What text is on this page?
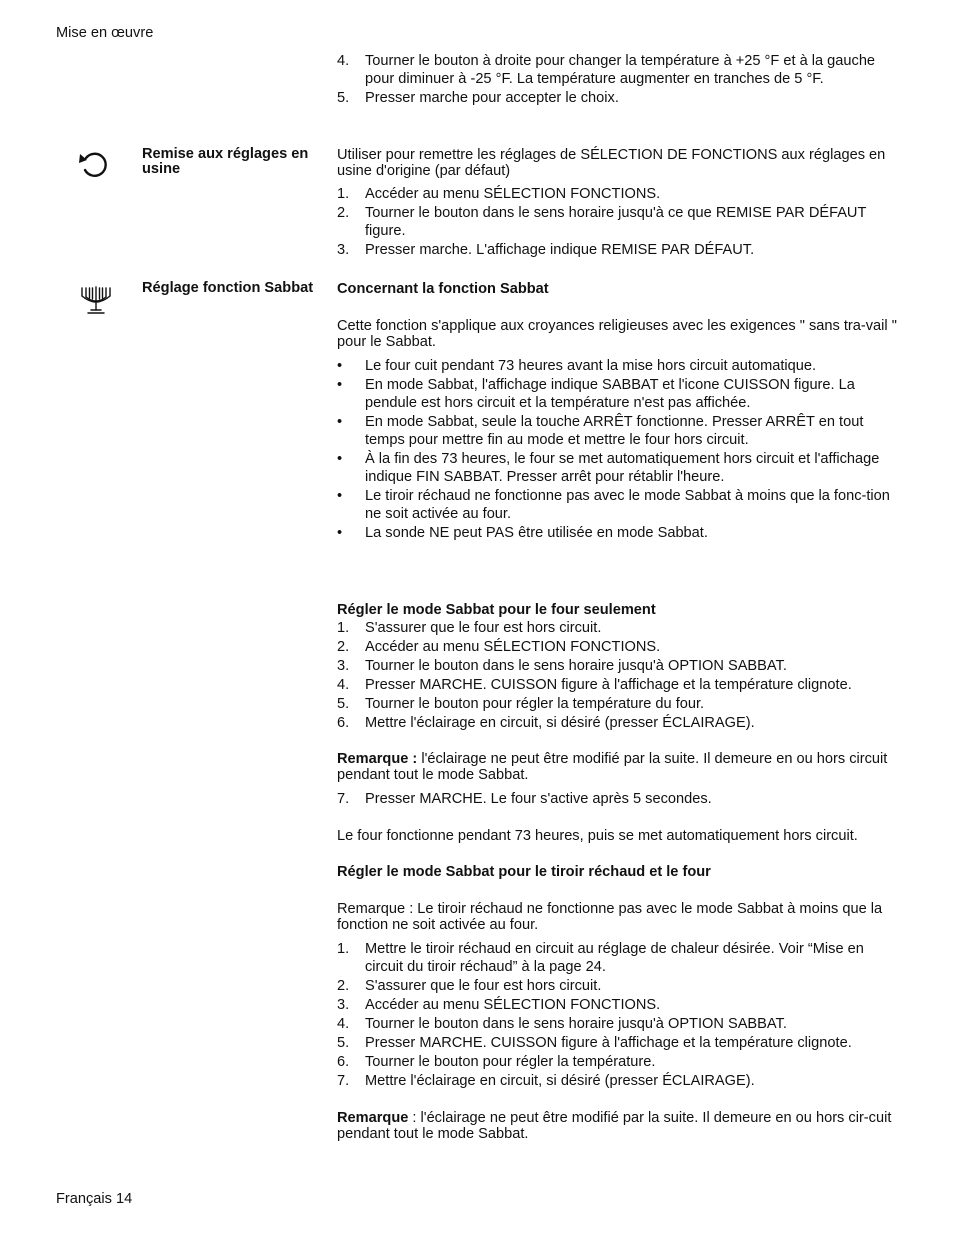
Mise en œuvre
Français 14
4. Tourner le bouton à droite pour changer la température à +25 °F et à la gauche pour diminuer à -25 °F. La température augmenter en tranches de 5 °F.
5. Presser marche pour accepter le choix.
Remise aux réglages en usine
Utiliser pour remettre les réglages de SÉLECTION DE FONCTIONS aux réglages en usine d'origine (par défaut)
1. Accéder au menu SÉLECTION FONCTIONS.
2. Tourner le bouton dans le sens horaire jusqu'à ce que REMISE PAR DÉFAUT figure.
3. Presser marche. L'affichage indique REMISE PAR DÉFAUT.
Réglage fonction Sabbat	Concernant la fonction Sabbat
Cette fonction s'applique aux croyances religieuses avec les exigences " sans tra-vail " pour le Sabbat.
• Le four cuit pendant 73 heures avant la mise hors circuit automatique.
• En mode Sabbat, l'affichage indique SABBAT et l'icone CUISSON figure. La pendule est hors circuit et la température n'est pas affichée.
• En mode Sabbat, seule la touche ARRÊT fonctionne. Presser ARRÊT en tout temps pour mettre fin au mode et mettre le four hors circuit.
• À la fin des 73 heures, le four se met automatiquement hors circuit et l'affichage indique FIN SABBAT. Presser arrêt pour rétablir l'heure.
• Le tiroir réchaud ne fonctionne pas avec le mode Sabbat à moins que la fonc-tion ne soit activée au four.
• La sonde NE peut PAS être utilisée en mode Sabbat.
Régler le mode Sabbat pour le four seulement
1. S'assurer que le four est hors circuit.
2. Accéder au menu SÉLECTION FONCTIONS.
3. Tourner le bouton dans le sens horaire jusqu'à OPTION SABBAT.
4. Presser MARCHE. CUISSON figure à l'affichage et la température clignote.
5. Tourner le bouton pour régler la température du four.
6. Mettre l'éclairage en circuit, si désiré (presser ÉCLAIRAGE).
Remarque : l'éclairage ne peut être modifié par la suite. Il demeure en ou hors circuit pendant tout le mode Sabbat.
7. Presser MARCHE. Le four s'active après 5 secondes.
Le four fonctionne pendant 73 heures, puis se met automatiquement hors circuit.
Régler le mode Sabbat pour le tiroir réchaud et le four
Remarque : Le tiroir réchaud ne fonctionne pas avec le mode Sabbat à moins que la fonction ne soit activée au four.
1. Mettre le tiroir réchaud en circuit au réglage de chaleur désirée. Voir “Mise en circuit du tiroir réchaud” à la page 24.
2. S'assurer que le four est hors circuit.
3. Accéder au menu SÉLECTION FONCTIONS.
4. Tourner le bouton dans le sens horaire jusqu'à OPTION SABBAT.
5. Presser MARCHE. CUISSON figure à l'affichage et la température clignote.
6. Tourner le bouton pour régler la température.
7. Mettre l'éclairage en circuit, si désiré (presser ÉCLAIRAGE).
Remarque : l'éclairage ne peut être modifié par la suite. Il demeure en ou hors cir-cuit pendant tout le mode Sabbat.
